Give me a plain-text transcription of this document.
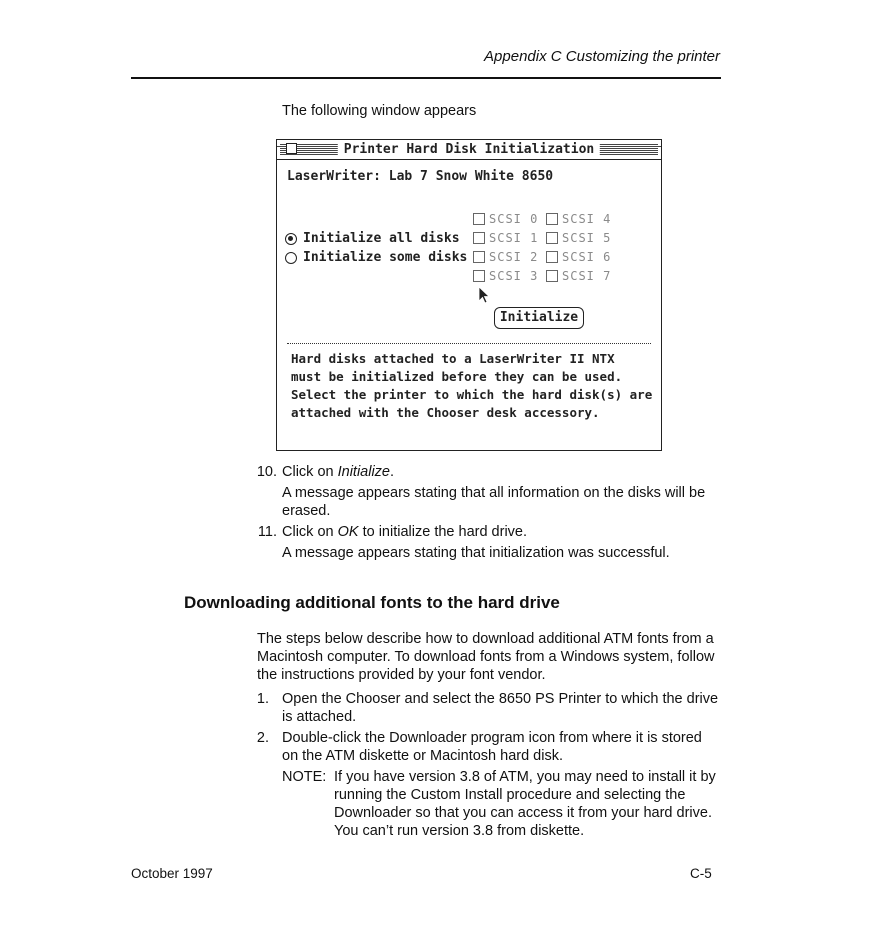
Appendix C Customizing the printer
The following window appears
Printer Hard Disk Initialization
LaserWriter: Lab 7 Snow White 8650
Initialize all disks
Initialize some disks
SCSI 0
SCSI 1
SCSI 2
SCSI 3
SCSI 4
SCSI 5
SCSI 6
SCSI 7
Initialize
Hard disks attached to a LaserWriter II NTX
must be initialized before they can be used.
Select the printer to which the hard disk(s) are
attached with the Chooser desk accessory.
10. Click on Initialize.
A message appears stating that all information on the disks will be erased.
11. Click on OK to initialize the hard drive.
A message appears stating that initialization was successful.
Downloading additional fonts to the hard drive
The steps below describe how to download additional ATM fonts from a Macintosh computer. To download fonts from a Windows system, follow the instructions provided by your font vendor.
1. Open the Chooser and select the 8650 PS Printer to which the drive is attached.
2. Double-click the Downloader program icon from where it is stored on the ATM diskette or Macintosh hard disk.
NOTE: If you have version 3.8 of ATM, you may need to install it by running the Custom Install procedure and selecting the Downloader so that you can access it from your hard drive. You can’t run version 3.8 from diskette.
October 1997	C-5
